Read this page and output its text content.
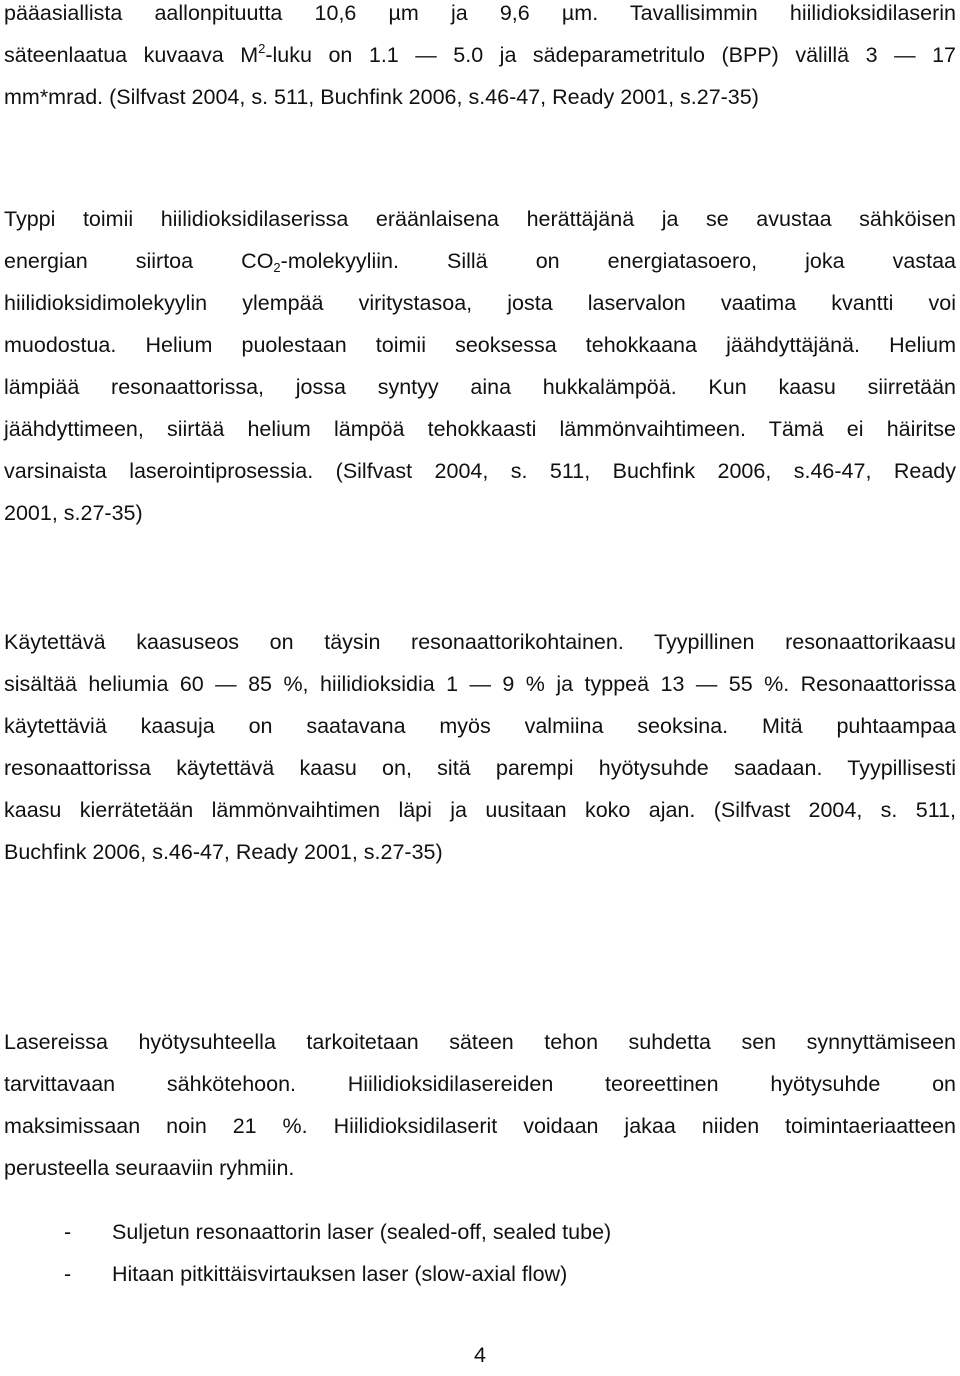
pääasiallista aallonpituutta 10,6 µm ja 9,6 µm. Tavallisimmin hiilidioksidilaserin
säteenlaatua kuvaava $M^2$-luku on 1.1 — 5.0 ja sädeparametritulo (BPP) välillä 3 — 17
mm*mrad. (Silfvast 2004, s. 511, Buchfink 2006, s.46-47, Ready 2001, s.27-35)
Typpi toimii hiilidioksidilaserissa eräänlaisena herättäjänä ja se avustaa sähköisen
energian siirtoa $CO_2$-molekyyliin. Sillä on energiatasoero, joka vastaa
hiilidioksidimolekyylin ylempää viritystasoa, josta laservalon vaatima kvantti voi
muodostua. Helium puolestaan toimii seoksessa tehokkaana jäähdyttäjänä. Helium
lämpiää resonaattorissa, jossa syntyy aina hukkalämpöä. Kun kaasu siirretään
jäähdyttimeen, siirtää helium lämpöä tehokkaasti lämmönvaihtimeen. Tämä ei häiritse
varsinaista laserointiprosessia. (Silfvast 2004, s. 511, Buchfink 2006, s.46-47, Ready
2001, s.27-35)
Käytettävä kaasuseos on täysin resonaattorikohtainen. Tyypillinen resonaattorikaasu
sisältää heliumia 60 — 85 %, hiilidioksidia 1 — 9 % ja typpeä 13 — 55 %. Resonaattorissa
käytettäviä kaasuja on saatavana myös valmiina seoksina. Mitä puhtaampaa
resonaattorissa käytettävä kaasu on, sitä parempi hyötysuhde saadaan. Tyypillisesti
kaasu kierrätetään lämmönvaihtimen läpi ja uusitaan koko ajan. (Silfvast 2004, s. 511,
Buchfink 2006, s.46-47, Ready 2001, s.27-35)
Lasereissa hyötysuhteella tarkoitetaan säteen tehon suhdetta sen synnyttämiseen
tarvittavaan sähkötehoon. Hiilidioksidilasereiden teoreettinen hyötysuhde on
maksimissaan noin 21 %. Hiilidioksidilaserit voidaan jakaa niiden toimintaeriaatteen
perusteella seuraaviin ryhmiin.
-	Suljetun resonaattorin laser (sealed-off, sealed tube)
-	Hitaan pitkittäisvirtauksen laser (slow-axial flow)
4
